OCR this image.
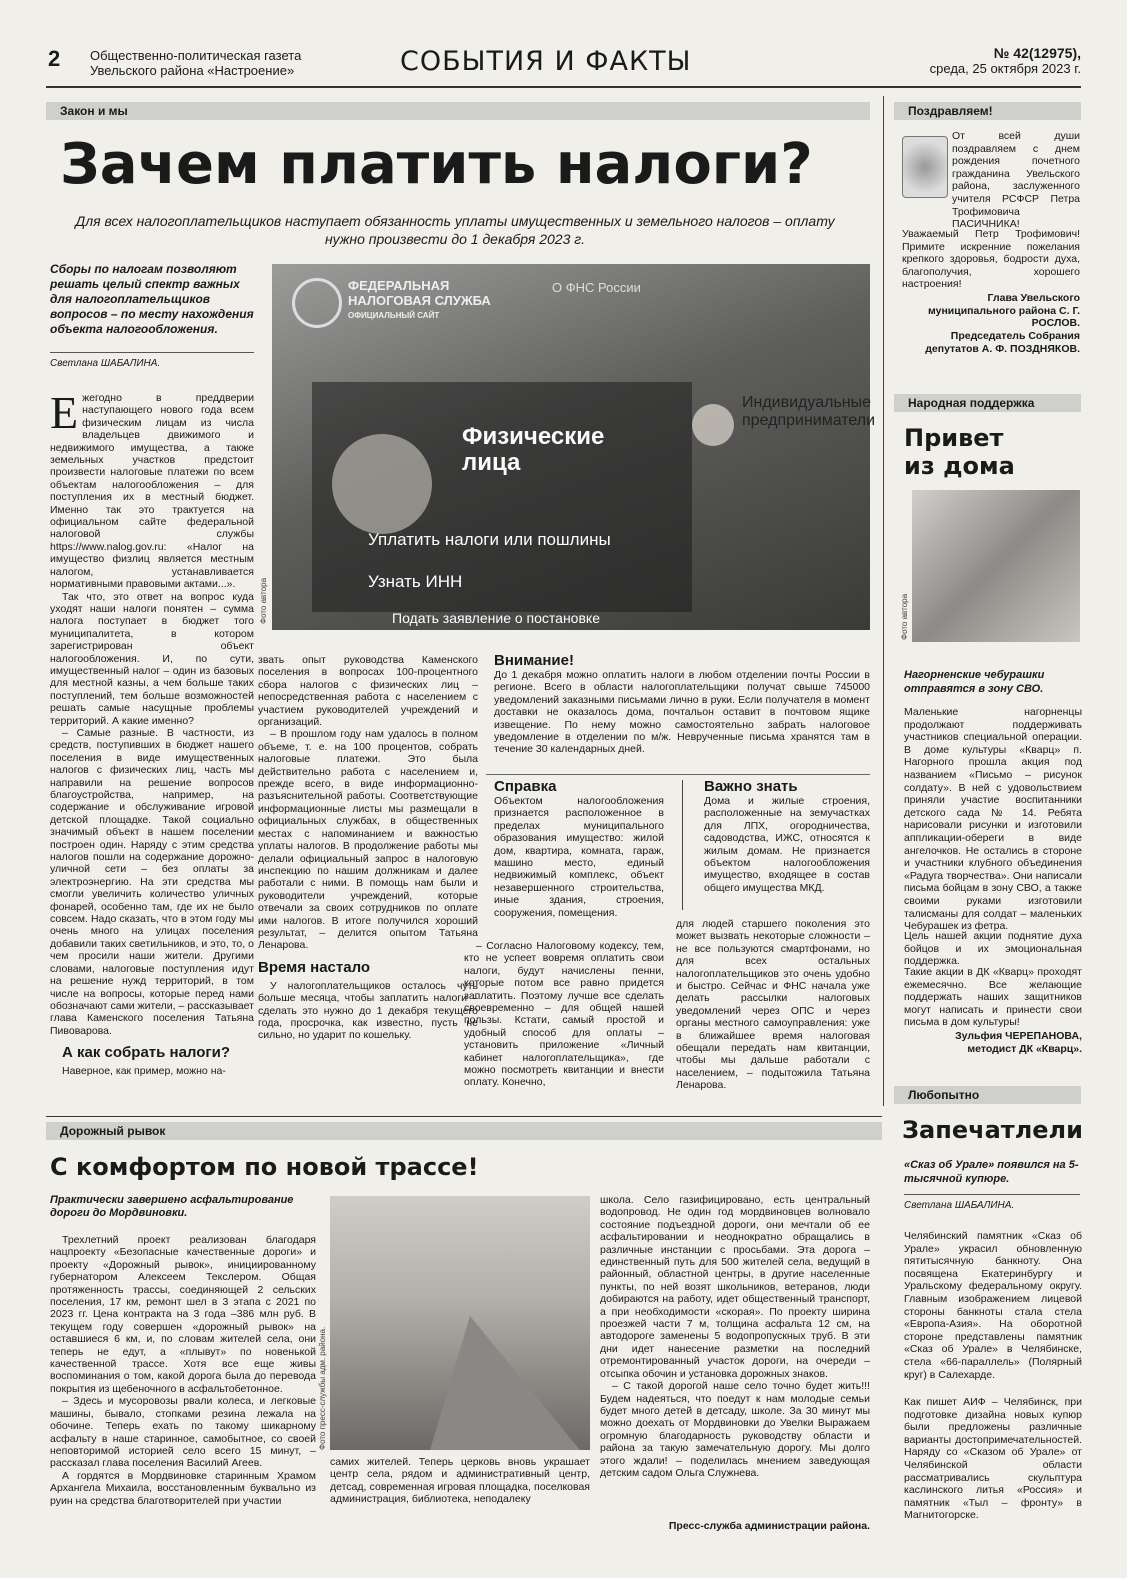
2 Общественно-политическая газета
Увельского района «Настроение»	СОБЫТИЯ И ФАКТЫ	№ 42(12975),
среда, 25 октября 2023 г.
Закон и мы
Зачем платить налоги?
Для всех налогоплательщиков наступает обязанность уплаты имущественных и земельного налогов – оплату нужно произвести до 1 декабря 2023 г.
Сборы по налогам позволяют решать целый спектр важных для налогоплательщиков вопросов – по месту нахождения объекта налогообложения.
Светлана ШАБАЛИНА.
ФЕДЕРАЛЬНАЯ
НАЛОГОВАЯ СЛУЖБА
ОФИЦИАЛЬНЫЙ САЙТ
О ФНС России
Физические
лица
Индивидуальные
предприниматели
Уплатить налоги или пошлины
Узнать ИНН
Подать заявление о постановке
Фото автора

Ежегодно в преддверии наступающего нового года всем физическим лицам из числа владельцев движимого и недвижимого имущества, а также земельных участков предстоит произвести налоговые платежи по всем объектам налогообложения – для поступления их в местный бюджет. Именно так это трактуется на официальном сайте федеральной налоговой службы https://www.nalog.gov.ru: «Налог на имущество физлиц является местным налогом, устанавливается нормативными правовыми актами...».

Так что, это ответ на вопрос куда уходят наши налоги понятен – сумма налога поступает в бюджет того муниципалитета, в котором зарегистрирован объект налогообложения. И, по сути, имущественный налог – один из базовых для местной казны, а чем больше таких поступлений, тем больше возможностей решать самые насущные проблемы территорий. А какие именно?

– Самые разные. В частности, из средств, поступивших в бюджет нашего поселения в виде имущественных налогов с физических лиц, часть мы направили на решение вопросов благоустройства, например, на содержание и обслуживание игровой детской площадке. Такой социально значимый объект в нашем поселении построен один. Наряду с этим средства налогов пошли на содержание дорожно-уличной сети – без оплаты за электроэнергию. На эти средства мы смогли увеличить количество уличных фонарей, особенно там, где их не было совсем. Надо сказать, что в этом году мы очень много на улицах поселения добавили таких светильников, и это, то, о чем просили наши жители. Другими словами, налоговые поступления идут на решение нужд территорий, в том числе на вопросы, которые перед нами обозначают сами жители, – рассказывает глава Каменского поселения Татьяна Пивоварова.

А как собрать налоги?

Наверное, как пример, можно на-

звать опыт руководства Каменского поселения в вопросах 100-процентного сбора налогов с физических лиц – непосредственная работа с населением с участием руководителей учреждений и организаций.

– В прошлом году нам удалось в полном объеме, т. е. на 100 процентов, собрать налоговые платежи. Это была действительно работа с населением и, прежде всего, в виде информационно-разъяснительной работы. Соответствующие информационные листы мы размещали в официальных службах, в общественных местах с напоминанием и важностью уплаты налогов. В продолжение работы мы делали официальный запрос в налоговую инспекцию по нашим должникам и далее работали с ними. В помощь нам были и руководители учреждений, которые отвечали за своих сотрудников по оплате ими налогов. В итоге получился хороший результат, – делится опытом Татьяна Ленарова.

Время настало

У налогоплательщиков осталось чуть больше месяца, чтобы заплатить налоги – сделать это нужно до 1 декабря текущего года, просрочка, как известно, пусть не сильно, но ударит по кошельку.

Внимание!
До 1 декабря можно оплатить налоги в любом отделении почты России в регионе. Всего в области налогоплательщики получат свыше 745000 уведомлений заказными письмами лично в руки. Если получателя в момент доставки не оказалось дома, почтальон оставит в почтовом ящике извещение. По нему можно самостоятельно забрать налоговое уведомление в отделении по м/ж. Неврученные письма хранятся там в течение 30 календарных дней.
Справка
Объектом налогообложения признается расположенное в пределах муниципального образования имущество: жилой дом, квартира, комната, гараж, машино место, единый недвижимый комплекс, объект незавершенного строительства, иные здания, строения, сооружения, помещения.
Важно знать
Дома и жилые строения, расположенные на земучастках для ЛПХ, огородничества, садоводства, ИЖС, относятся к жилым домам. Не признается объектом налогообложения имущество, входящее в состав общего имущества МКД.

– Согласно Налоговому кодексу, тем, кто не успеет вовремя оплатить свои налоги, будут начислены пенни, которые потом все равно придется заплатить. Поэтому лучше все сделать своевременно – для общей нашей пользы. Кстати, самый простой и удобный способ для оплаты – установить приложение «Личный кабинет налогоплательщика», где можно посмотреть квитанции и внести оплату. Конечно,

для людей старшего поколения это может вызвать некоторые сложности – не все пользуются смартфонами, но для всех остальных налогоплательщиков это очень удобно и быстро. Сейчас и ФНС начала уже делать рассылки налоговых уведомлений через ОПС и через органы местного самоуправления: уже в ближайшее время налоговая обещали передать нам квитанции, чтобы мы дальше работали с населением, – подытожила Татьяна Ленарова.

Поздравляем!
От всей души поздравляем с днем рождения почетного гражданина Увельского района, заслуженного учителя РСФСР Петра Трофимовича ПАСИЧНИКА!
Уважаемый Петр Трофимович! Примите искренние пожелания крепкого здоровья, бодрости духа, благополучия, хорошего настроения!
Глава Увельского муниципального района С. Г. РОСЛОВ.
Председатель Собрания депутатов А. Ф. ПОЗДНЯКОВ.
Народная поддержка
Привет
из дома
Фото автора
Нагорненские чебурашки отправятся в зону СВО.
Маленькие нагорненцы продолжают поддерживать участников специальной операции. В доме культуры «Кварц» п. Нагорного прошла акция под названием «Письмо – рисунок солдату». В ней с удовольствием приняли участие воспитанники детского сада № 14. Ребята нарисовали рисунки и изготовили аппликации-обереги в виде ангелочков. Не остались в стороне и участники клубного объединения «Радуга творчества». Они написали письма бойцам в зону СВО, а также своими руками изготовили талисманы для солдат – маленьких Чебурашек из фетра.
Цель нашей акции поднятие духа бойцов и их эмоциональная поддержка.
Такие акции в ДК «Кварц» проходят ежемесячно. Все желающие поддержать наших защитников могут написать и принести свои письма в дом культуры!
Зульфия ЧЕРЕПАНОВА, методист ДК «Кварц».
Любопытно
Запечатлели
«Сказ об Урале» появился на 5-тысячной купюре.
Светлана ШАБАЛИНА.
Челябинский памятник «Сказ об Урале» украсил обновленную пятитысячную банкноту. Она посвящена Екатеринбургу и Уральскому федеральному округу. Главным изображением лицевой стороны банкноты стала стела «Европа-Азия». На оборотной стороне представлены памятник «Сказ об Урале» в Челябинске, стела «66-параллель» (Полярный круг) в Салехарде.
Как пишет АИФ – Челябинск, при подготовке дизайна новых купюр были предложены различные варианты достопримечательностей. Наряду со «Сказом об Урале» от Челябинской области рассматривались скульптура каслинского литья «Россия» и памятник «Тыл – фронту» в Магнитогорске.
Дорожный рывок
С комфортом по новой трассе!
Практически завершено асфальтирование дороги до Мордвиновки.

Трехлетний проект реализован благодаря нацпроекту «Безопасные качественные дороги» и проекту «Дорожный рывок», инициированному губернатором Алексеем Текслером. Общая протяженность трассы, соединяющей 2 сельских поселения, 17 км, ремонт шел в 3 этапа с 2021 по 2023 гг. Цена контракта на 3 года –386 млн руб. В текущем году совершен «дорожный рывок» на оставшиеся 6 км, и, по словам жителей села, они теперь не едут, а «плывут» по новенькой качественной трассе. Хотя все еще живы воспоминания о том, какой дорога была до перевода покрытия из щебеночного в асфальтобетонное.

– Здесь и мусоровозы рвали колеса, и легковые машины, бывало, стопками резина лежала на обочине. Теперь ехать по такому шикарному асфальту в наше старинное, самобытное, со своей неповторимой историей село всего 15 минут, – рассказал глава поселения Василий Агеев.

А гордятся в Мордвиновке старинным Храмом Архангела Михаила, восстановленным буквально из руин на средства благотворителей при участии

Фото пресс-службы адм. района.

самих жителей. Теперь церковь вновь украшает центр села, рядом и административный центр, детсад, современная игровая площадка, поселковая администрация, библиотека, неподалеку

школа. Село газифицировано, есть центральный водопровод. Не один год мордвиновцев волновало состояние подъездной дороги, они мечтали об ее асфальтировании и неоднократно обращались в различные инстанции с просьбами. Эта дорога – единственный путь для 500 жителей села, ведущий в районный, областной центры, в другие населенные пункты, по ней возят школьников, ветеранов, люди добираются на работу, идет общественный транспорт, а при необходимости «скорая». По проекту ширина проезжей части 7 м, толщина асфальта 12 см, на автодороге заменены 5 водопропускных труб. В эти дни идет нанесение разметки на последний отремонтированный участок дороги, на очереди – отсыпка обочин и установка дорожных знаков.

– С такой дорогой наше село точно будет жить!!! Будем надеяться, что поедут к нам молодые семьи будет много детей в детсаду, школе. За 30 минут мы можно доехать от Мордвиновки до Увелки Выражаем огромную благодарность руководству области и района за такую замечательную дорогу. Мы долго этого ждали! – поделилась мнением заведующая детским садом Ольга Служнева.

Пресс-служба администрации района.
